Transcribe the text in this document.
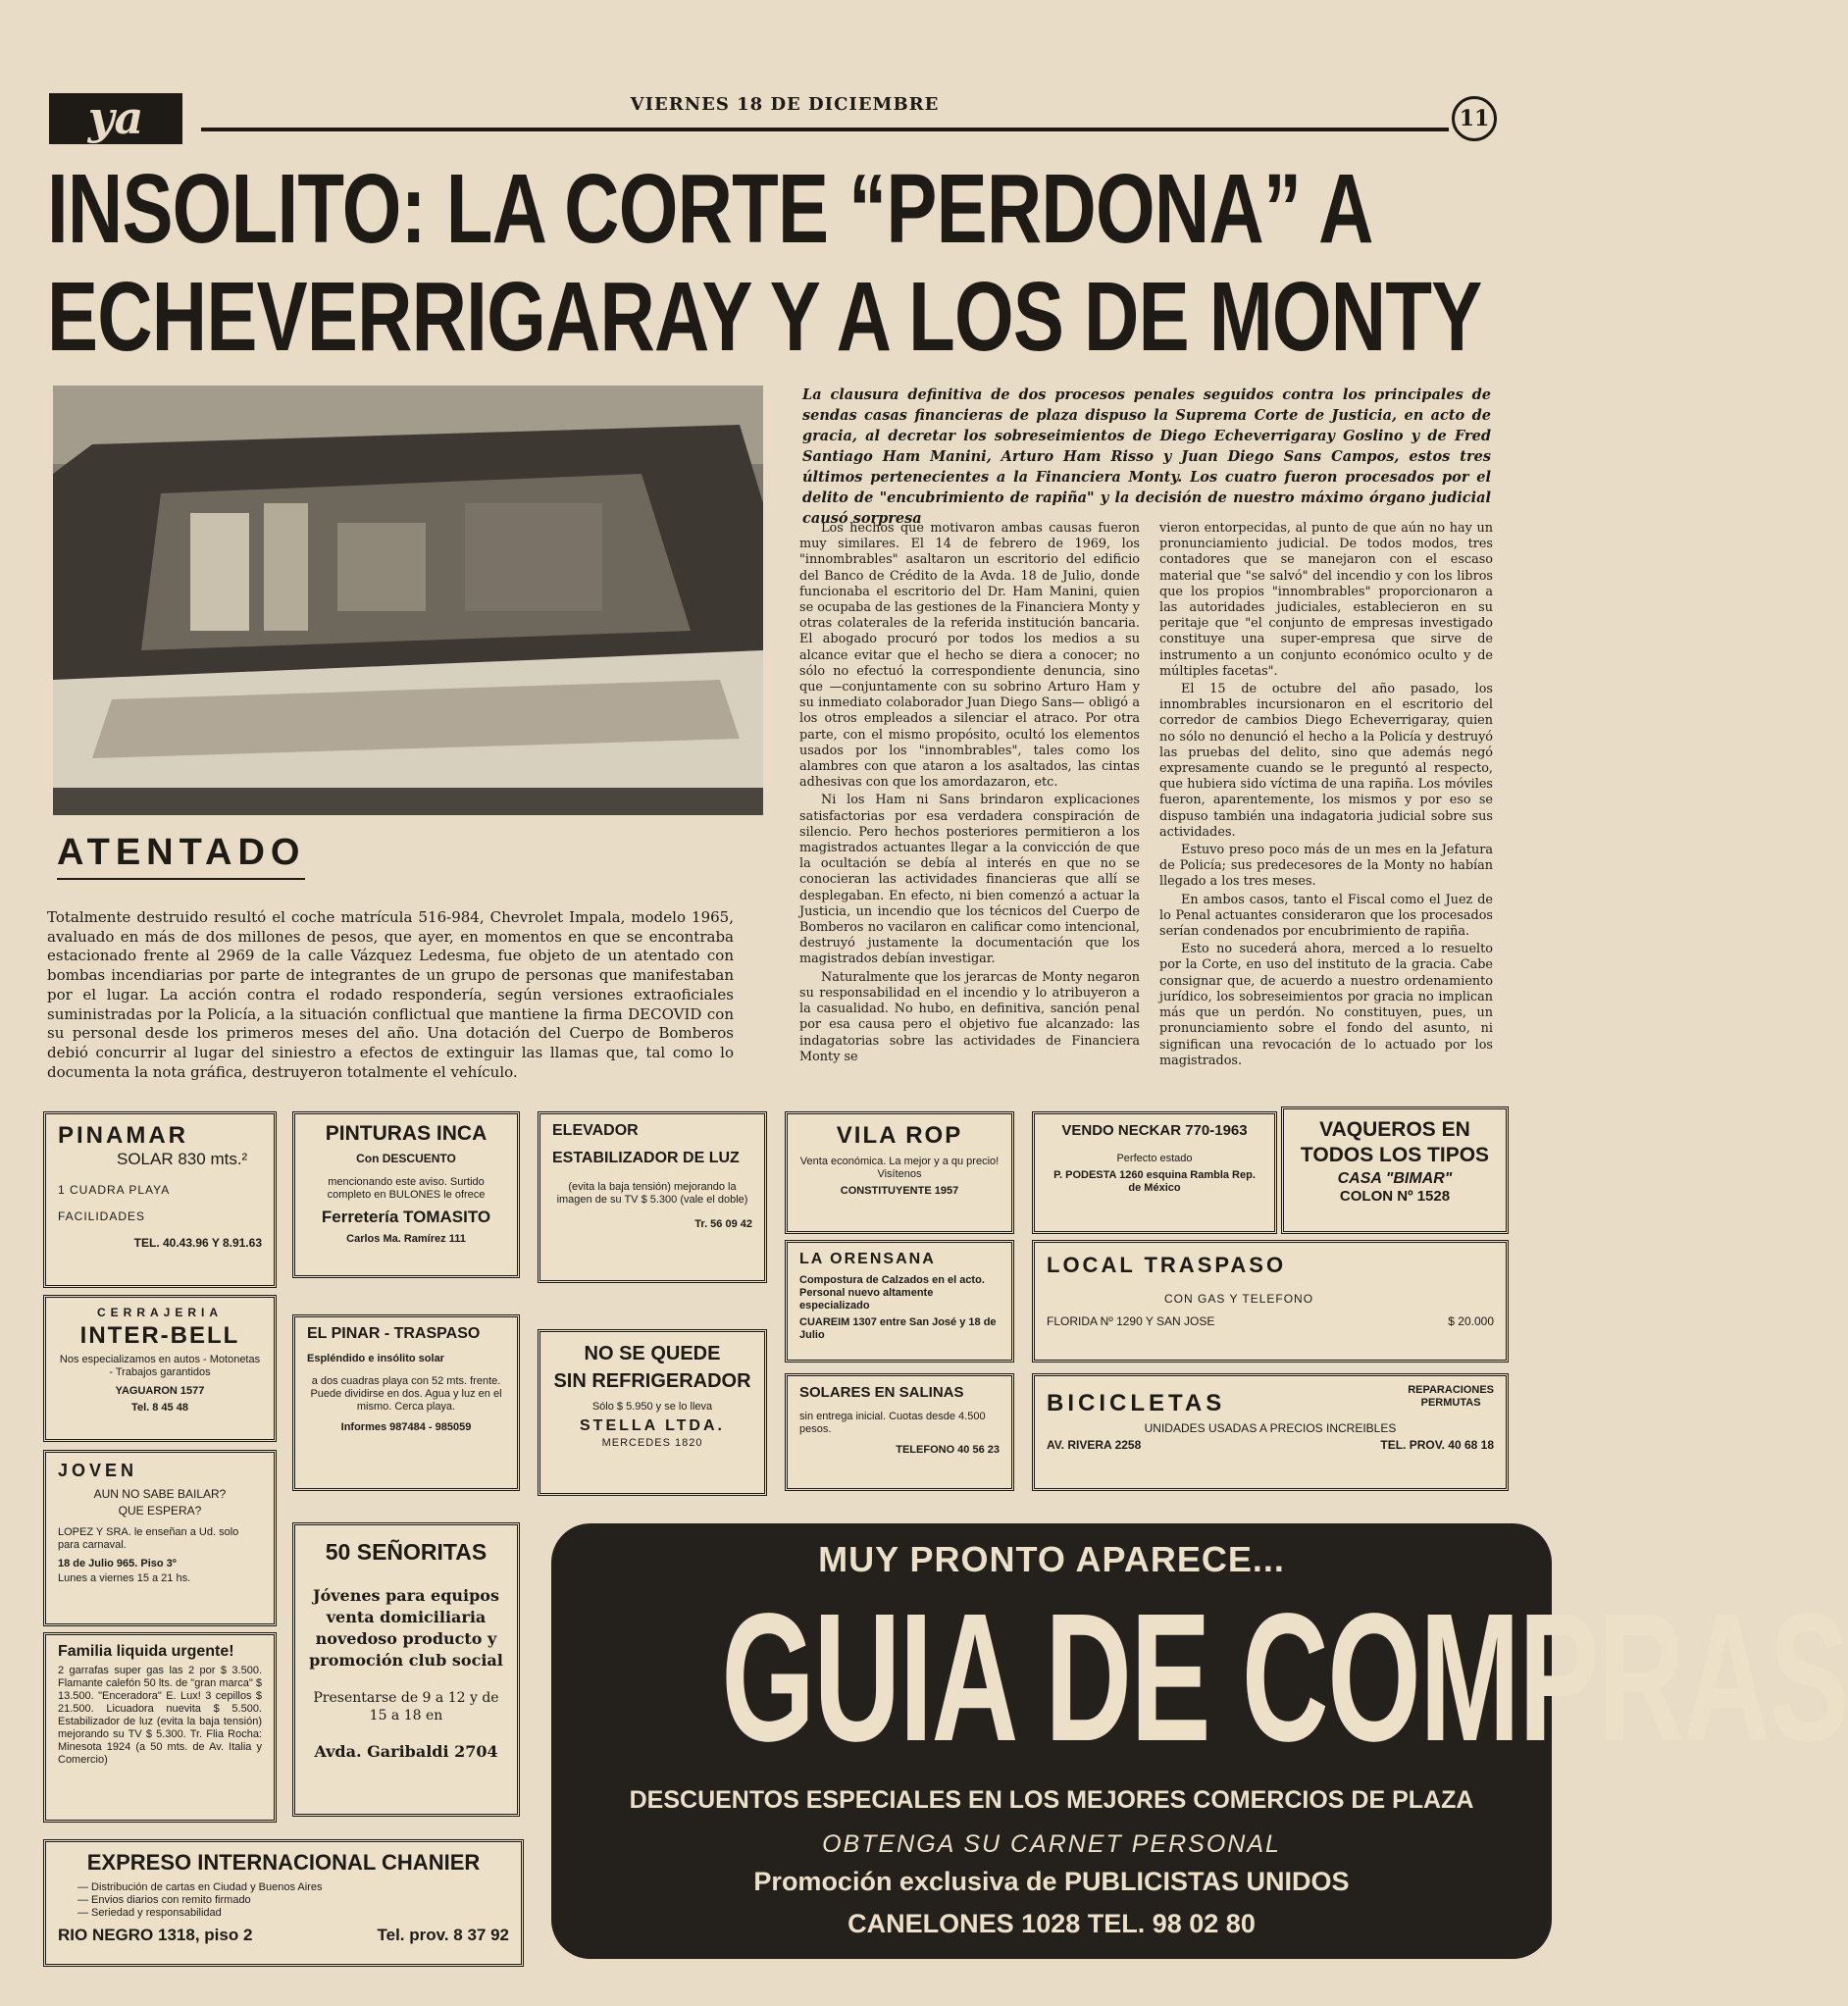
ya	VIERNES 18 DE DICIEMBRE
11
INSOLITO: LA CORTE “PERDONA” A
ECHEVERRIGARAY Y A LOS DE MONTY
La clausura definitiva de dos procesos penales seguidos contra los principales de sendas casas financieras de plaza dispuso la Suprema Corte de Justicia, en acto de gracia, al decretar los sobreseimientos de Diego Echeverrigaray Goslino y de Fred Santiago Ham Manini, Arturo Ham Risso y Juan Diego Sans Campos, estos tres últimos pertenecientes a la Financiera Monty. Los cuatro fueron procesados por el delito de "encubrimiento de rapiña" y la decisión de nuestro máximo órgano judicial causó sorpresa

Los hechos que motivaron ambas causas fueron muy similares. El 14 de febrero de 1969, los "innombrables" asaltaron un escritorio del edificio del Banco de Crédito de la Avda. 18 de Julio, donde funcionaba el escritorio del Dr. Ham Manini, quien se ocupaba de las gestiones de la Financiera Monty y otras colaterales de la referida institución bancaria. El abogado procuró por todos los medios a su alcance evitar que el hecho se diera a conocer; no sólo no efectuó la correspondiente denuncia, sino que —conjuntamente con su sobrino Arturo Ham y su inmediato colaborador Juan Diego Sans— obligó a los otros empleados a silenciar el atraco. Por otra parte, con el mismo propósito, ocultó los elementos usados por los "innombrables", tales como los alambres con que ataron a los asaltados, las cintas adhesivas con que los amordazaron, etc.

Ni los Ham ni Sans brindaron explicaciones satisfactorias por esa verdadera conspiración de silencio. Pero hechos posteriores permitieron a los magistrados actuantes llegar a la convicción de que la ocultación se debía al interés en que no se conocieran las actividades financieras que allí se desplegaban. En efecto, ni bien comenzó a actuar la Justicia, un incendio que los técnicos del Cuerpo de Bomberos no vacilaron en calificar como intencional, destruyó justamente la documentación que los magistrados debían investigar.

Naturalmente que los jerarcas de Monty negaron su responsabilidad en el incendio y lo atribuyeron a la casualidad. No hubo, en definitiva, sanción penal por esa causa pero el objetivo fue alcanzado: las indagatorias sobre las actividades de Financiera Monty se

vieron entorpecidas, al punto de que aún no hay un pronunciamiento judicial. De todos modos, tres contadores que se manejaron con el escaso material que "se salvó" del incendio y con los libros que los propios "innombrables" proporcionaron a las autoridades judiciales, establecieron en su peritaje que "el conjunto de empresas investigado constituye una super-empresa que sirve de instrumento a un conjunto económico oculto y de múltiples facetas".

El 15 de octubre del año pasado, los innombrables incursionaron en el escritorio del corredor de cambios Diego Echeverrigaray, quien no sólo no denunció el hecho a la Policía y destruyó las pruebas del delito, sino que además negó expresamente cuando se le preguntó al respecto, que hubiera sido víctima de una rapiña. Los móviles fueron, aparentemente, los mismos y por eso se dispuso también una indagatoria judicial sobre sus actividades.

Estuvo preso poco más de un mes en la Jefatura de Policía; sus predecesores de la Monty no habían llegado a los tres meses.

En ambos casos, tanto el Fiscal como el Juez de lo Penal actuantes consideraron que los procesados serían condenados por encubrimiento de rapiña.

Esto no sucederá ahora, merced a lo resuelto por la Corte, en uso del instituto de la gracia. Cabe consignar que, de acuerdo a nuestro ordenamiento jurídico, los sobreseimientos por gracia no implican más que un perdón. No constituyen, pues, un pronunciamiento sobre el fondo del asunto, ni significan una revocación de lo actuado por los magistrados.

ATENTADO
Totalmente destruido resultó el coche matrícula 516-984, Chevrolet Impala, modelo 1965, avaluado en más de dos millones de pesos, que ayer, en momentos en que se encontraba estacionado frente al 2969 de la calle Vázquez Ledesma, fue objeto de un atentado con bombas incendiarias por parte de integrantes de un grupo de personas que manifestaban por el lugar. La acción contra el rodado respondería, según versiones extraoficiales suministradas por la Policía, a la situación conflictual que mantiene la firma DECOVID con su personal desde los primeros meses del año. Una dotación del Cuerpo de Bomberos debió concurrir al lugar del siniestro a efectos de extinguir las llamas que, tal como lo documenta la nota gráfica, destruyeron totalmente el vehículo.
PINAMAR
SOLAR 830 mts.²
1 CUADRA PLAYA
FACILIDADES
TEL. 40.43.96 Y 8.91.63
PINTURAS INCA
Con DESCUENTO
mencionando este aviso. Surtido completo en BULONES le ofrece
Ferretería TOMASITO
Carlos Ma. Ramírez 111
ELEVADOR
ESTABILIZADOR DE LUZ
(evita la baja tensión) mejorando la imagen de su TV $ 5.300 (vale el doble)
Tr. 56 09 42
VILA ROP
Venta económica. La mejor y a qu precio! Visítenos
CONSTITUYENTE 1957
VENDO NECKAR 770-1963
Perfecto estado
P. PODESTA 1260 esquina Rambla Rep. de México
VAQUEROS EN
TODOS LOS TIPOS
CASA "BIMAR"
COLON Nº 1528
CERRAJERIA
INTER-BELL
Nos especializamos en autos - Motonetas - Trabajos garantidos
YAGUARON 1577
Tel. 8 45 48
EL PINAR - TRASPASO
Espléndido e insólito solar
a dos cuadras playa con 52 mts. frente. Puede dividirse en dos. Agua y luz en el mismo. Cerca playa.
Informes 987484 - 985059
NO SE QUEDE
SIN REFRIGERADOR
Sólo $ 5.950 y se lo lleva
STELLA LTDA.
MERCEDES 1820
LA ORENSANA
Compostura de Calzados en el acto. Personal nuevo altamente especializado
CUAREIM 1307 entre San José y 18 de Julio
LOCAL TRASPASO
CON GAS Y TELEFONO
FLORIDA Nº 1290 Y SAN JOSE	$ 20.000
SOLARES EN SALINAS
sin entrega inicial. Cuotas desde 4.500 pesos.
TELEFONO 40 56 23
BICICLETAS	REPARACIONES
PERMUTAS
UNIDADES USADAS A PRECIOS INCREIBLES
AV. RIVERA 2258	TEL. PROV. 40 68 18
JOVEN
AUN NO SABE BAILAR?
QUE ESPERA?
LOPEZ Y SRA. le enseñan a Ud. solo para carnaval.
18 de Julio 965. Piso 3º
Lunes a viernes 15 a 21 hs.
50 SEÑORITAS
Jóvenes para equipos venta domiciliaria novedoso producto y promoción club social
Presentarse de 9 a 12 y de 15 a 18 en
Avda. Garibaldi 2704
Familia liquida urgente!
2 garrafas super gas las 2 por $ 3.500. Flamante calefón 50 lts. de "gran marca" $ 13.500. "Enceradora" E. Lux! 3 cepillos $ 21.500. Licuadora nuevita $ 5.500. Estabilizador de luz (evita la baja tensión) mejorando su TV $ 5.300. Tr. Flia Rocha: Minesota 1924 (a 50 mts. de Av. Italia y Comercio)
EXPRESO INTERNACIONAL CHANIER
— Distribución de cartas en Ciudad y Buenos Aires
— Envios diarios con remito firmado
— Seriedad y responsabilidad
RIO NEGRO 1318, piso 2	Tel. prov. 8 37 92
MUY PRONTO APARECE...
GUIA DE COMPRAS
DESCUENTOS ESPECIALES EN LOS MEJORES COMERCIOS DE PLAZA
OBTENGA SU CARNET PERSONAL
Promoción exclusiva de PUBLICISTAS UNIDOS
CANELONES 1028 TEL. 98 02 80
